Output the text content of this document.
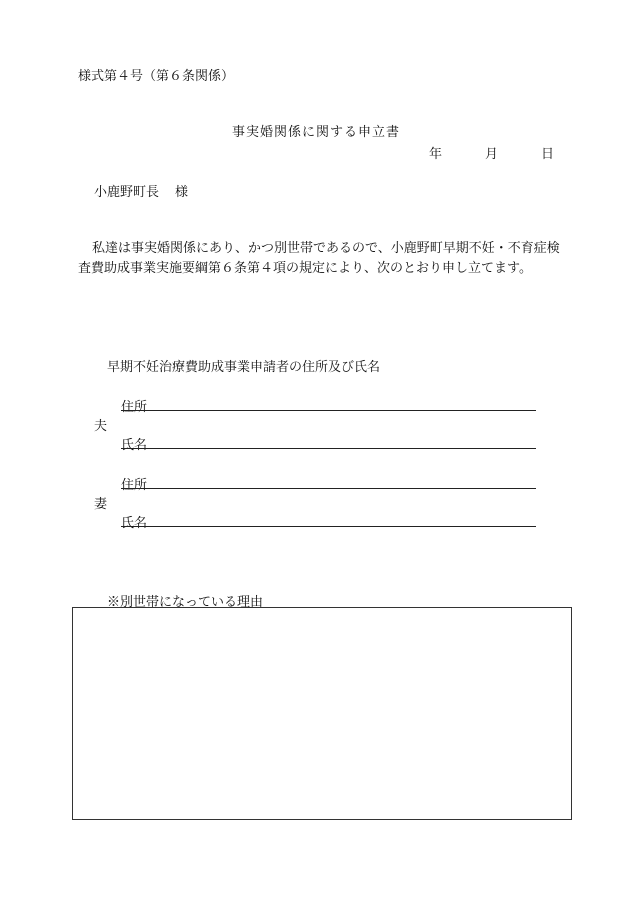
様式第４号（第６条関係）
事実婚関係に関する申立書
年	月	日
小鹿野町長 様
私達は事実婚関係にあり、かつ別世帯であるので、小鹿野町早期不妊・不育症検査費助成事業実施要綱第６条第４項の規定により、次のとおり申し立てます。
早期不妊治療費助成事業申請者の住所及び氏名
住所
夫
氏名
住所
妻
氏名
※別世帯になっている理由
